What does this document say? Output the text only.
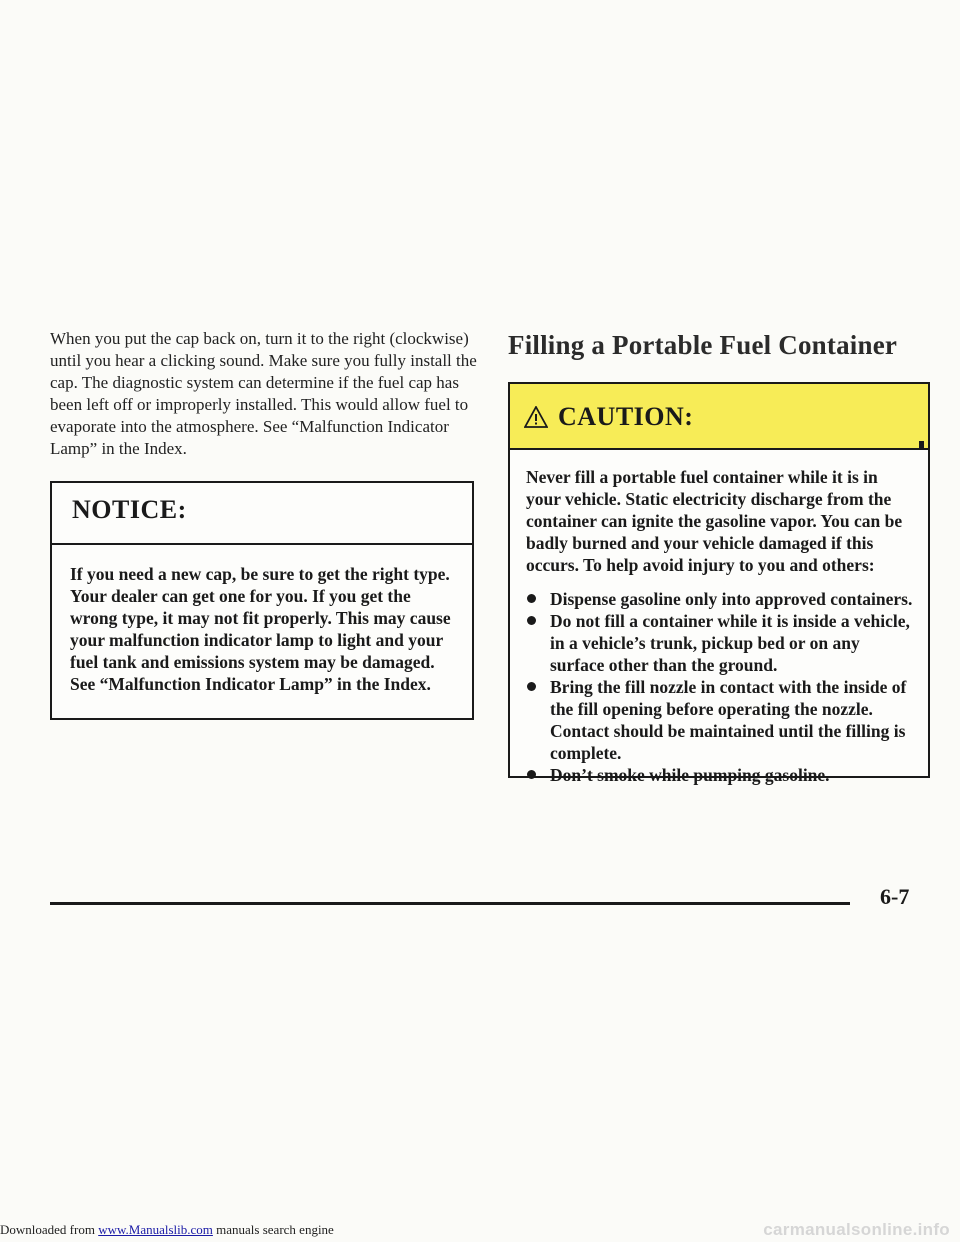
When you put the cap back on, turn it to the right (clockwise) until you hear a clicking sound. Make sure you fully install the cap. The diagnostic system can determine if the fuel cap has been left off or improperly installed. This would allow fuel to evaporate into the atmosphere. See “Malfunction Indicator Lamp” in the Index.

NOTICE:
If you need a new cap, be sure to get the right type. Your dealer can get one for you. If you get the wrong type, it may not fit properly. This may cause your malfunction indicator lamp to light and your fuel tank and emissions system may be damaged. See “Malfunction Indicator Lamp” in the Index.
Filling a Portable Fuel Container
CAUTION:

Never fill a portable fuel container while it is in your vehicle. Static electricity discharge from the container can ignite the gasoline vapor. You can be badly burned and your vehicle damaged if this occurs. To help avoid injury to you and others:

Dispense gasoline only into approved containers.
Do not fill a container while it is inside a vehicle, in a vehicle’s trunk, pickup bed or on any surface other than the ground.
Bring the fill nozzle in contact with the inside of the fill opening before operating the nozzle. Contact should be maintained until the filling is complete.
Don’t smoke while pumping gasoline.
6-7
Downloaded from www.Manualslib.com manuals search engine	carmanualsonline.info
